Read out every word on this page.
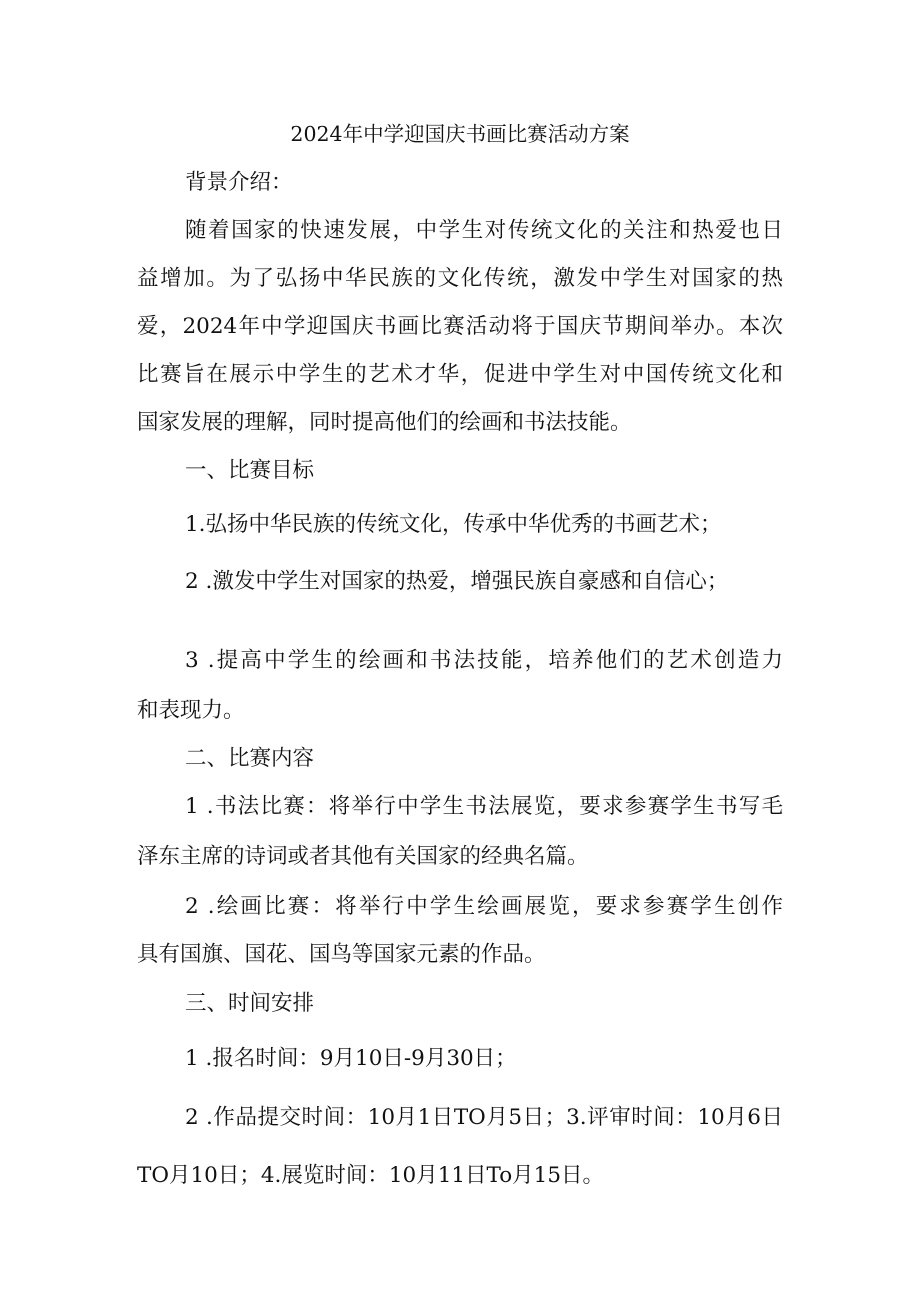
2024年中学迎国庆书画比赛活动方案
背景介绍：
随着国家的快速发展，中学生对传统文化的关注和热爱也日
益增加。为了弘扬中华民族的文化传统，激发中学生对国家的热
爱，2024年中学迎国庆书画比赛活动将于国庆节期间举办。本次
比赛旨在展示中学生的艺术才华，促进中学生对中国传统文化和
国家发展的理解，同时提高他们的绘画和书法技能。
一、比赛目标
1.弘扬中华民族的传统文化，传承中华优秀的书画艺术；
2 .激发中学生对国家的热爱，增强民族自豪感和自信心；
3 .提高中学生的绘画和书法技能，培养他们的艺术创造力
和表现力。
二、比赛内容
1 .书法比赛：将举行中学生书法展览，要求参赛学生书写毛
泽东主席的诗词或者其他有关国家的经典名篇。
2 .绘画比赛：将举行中学生绘画展览，要求参赛学生创作
具有国旗、国花、国鸟等国家元素的作品。
三、时间安排
1 .报名时间：9月10日-9月30日；
2 .作品提交时间：10月1日TO月5日；3.评审时间：10月6日
TO月10日；4.展览时间：10月11日To月15日。
